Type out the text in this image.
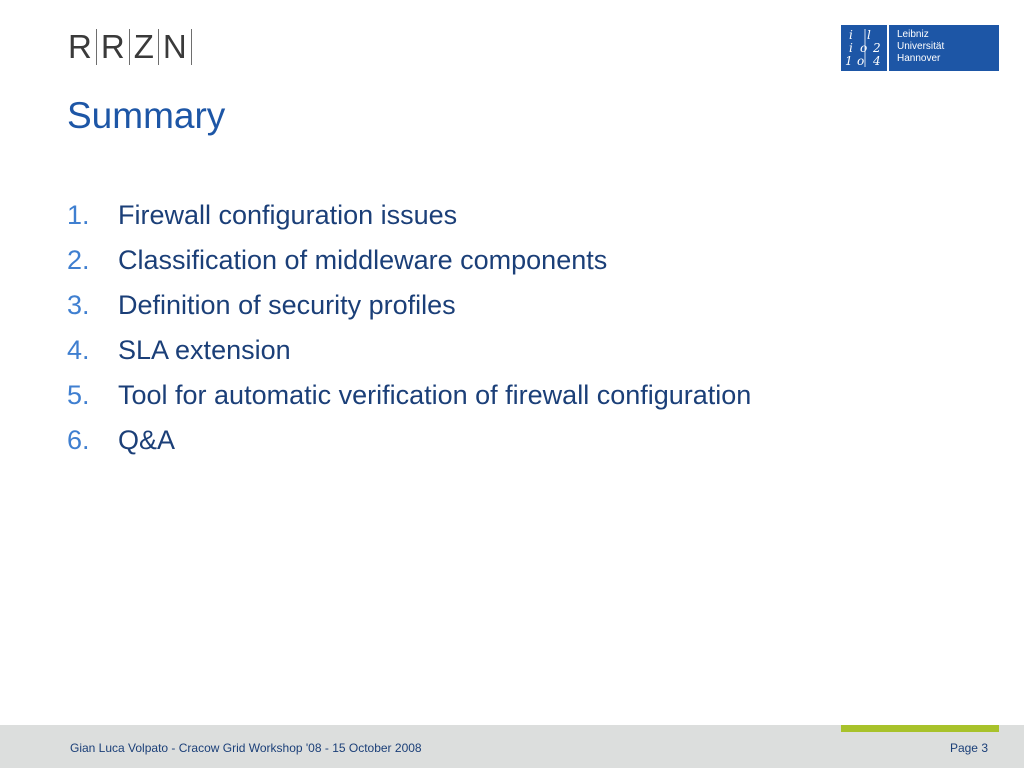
R R Z N	i l
i o 2
1 o 4
Leibniz
Universität
Hannover
Summary
1.	Firewall configuration issues
2.	Classification of middleware components
3.	Definition of security profiles
4.	SLA extension
5.	Tool for automatic verification of firewall configuration
6.	Q&A
Gian Luca Volpato - Cracow Grid Workshop '08 - 15 October 2008	Page 3
